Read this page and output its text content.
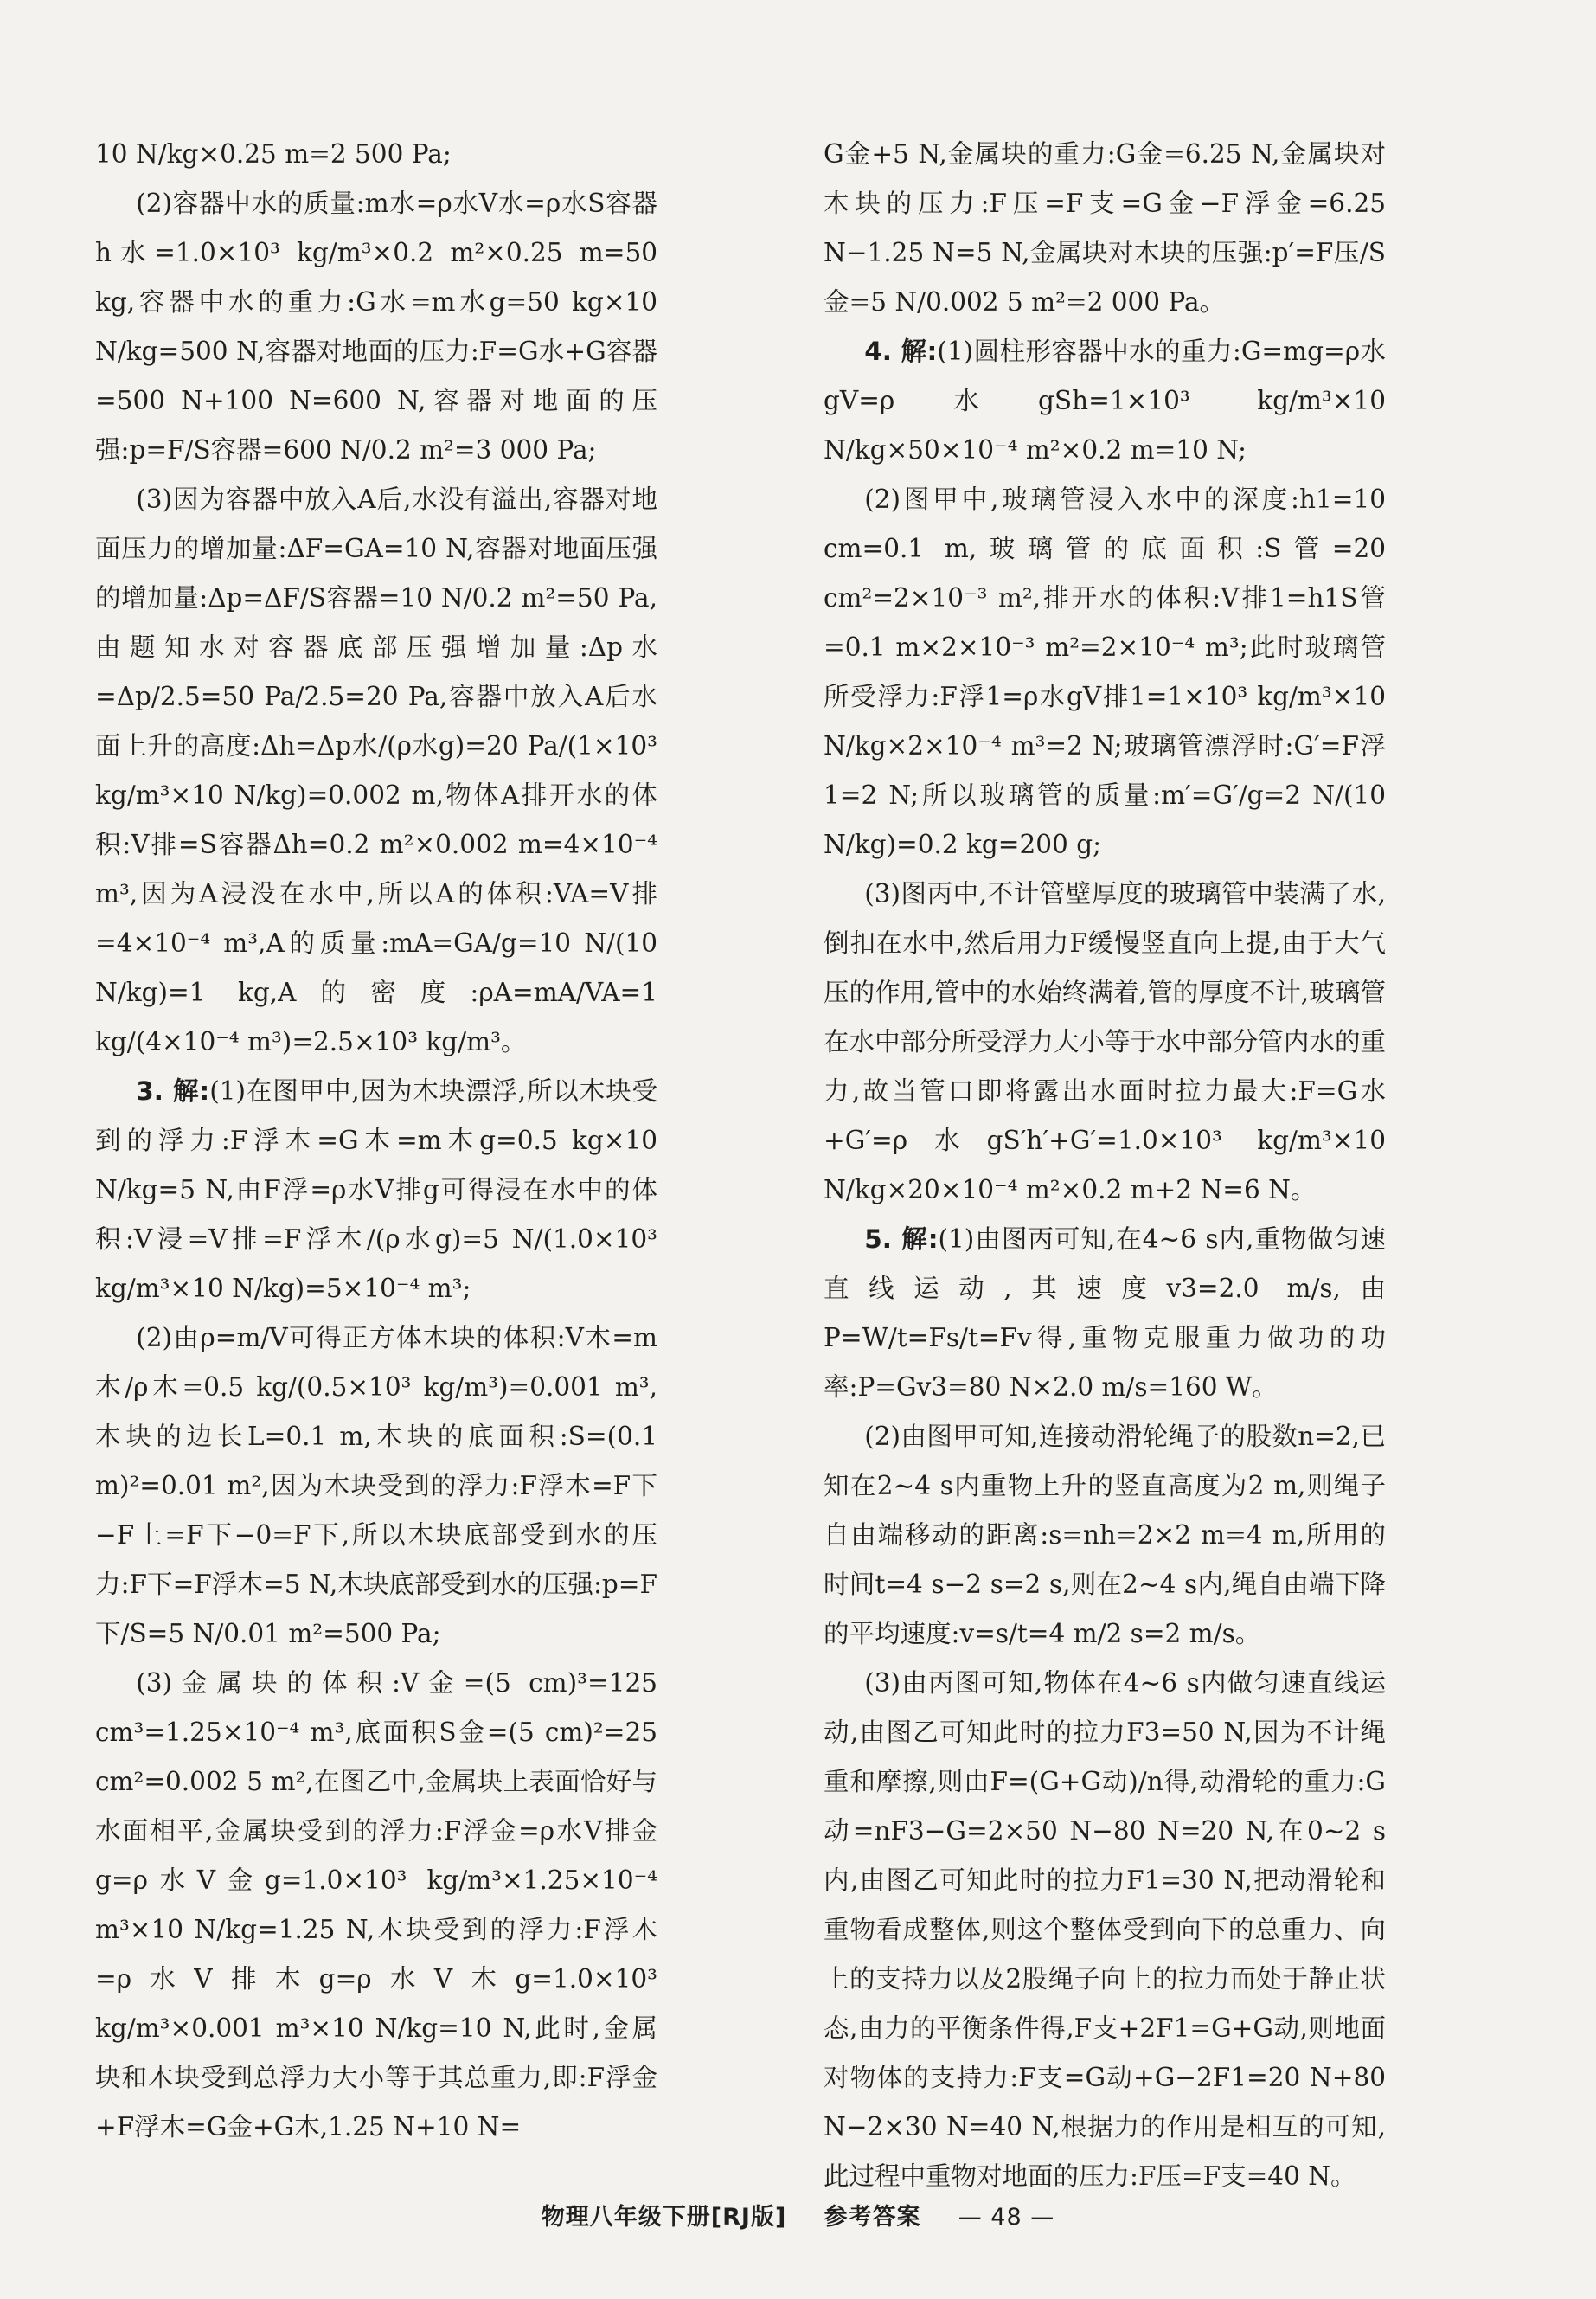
10 N/kg×0.25 m=2 500 Pa;

(2)容器中水的质量:m水=ρ水V水=ρ水S容器h水=1.0×10³ kg/m³×0.2 m²×0.25 m=50 kg,容器中水的重力:G水=m水g=50 kg×10 N/kg=500 N,容器对地面的压力:F=G水+G容器=500 N+100 N=600 N,容器对地面的压强:p=F/S容器=600 N/0.2 m²=3 000 Pa;

(3)因为容器中放入A后,水没有溢出,容器对地面压力的增加量:ΔF=GA=10 N,容器对地面压强的增加量:Δp=ΔF/S容器=10 N/0.2 m²=50 Pa,由题知水对容器底部压强增加量:Δp水=Δp/2.5=50 Pa/2.5=20 Pa,容器中放入A后水面上升的高度:Δh=Δp水/(ρ水g)=20 Pa/(1×10³ kg/m³×10 N/kg)=0.002 m,物体A排开水的体积:V排=S容器Δh=0.2 m²×0.002 m=4×10⁻⁴ m³,因为A浸没在水中,所以A的体积:VA=V排=4×10⁻⁴ m³,A的质量:mA=GA/g=10 N/(10 N/kg)=1 kg,A的密度:ρA=mA/VA=1 kg/(4×10⁻⁴ m³)=2.5×10³ kg/m³。

3. 解:(1)在图甲中,因为木块漂浮,所以木块受到的浮力:F浮木=G木=m木g=0.5 kg×10 N/kg=5 N,由F浮=ρ水V排g可得浸在水中的体积:V浸=V排=F浮木/(ρ水g)=5 N/(1.0×10³ kg/m³×10 N/kg)=5×10⁻⁴ m³;

(2)由ρ=m/V可得正方体木块的体积:V木=m木/ρ木=0.5 kg/(0.5×10³ kg/m³)=0.001 m³,木块的边长L=0.1 m,木块的底面积:S=(0.1 m)²=0.01 m²,因为木块受到的浮力:F浮木=F下−F上=F下−0=F下,所以木块底部受到水的压力:F下=F浮木=5 N,木块底部受到水的压强:p=F下/S=5 N/0.01 m²=500 Pa;

(3)金属块的体积:V金=(5 cm)³=125 cm³=1.25×10⁻⁴ m³,底面积S金=(5 cm)²=25 cm²=0.002 5 m²,在图乙中,金属块上表面恰好与水面相平,金属块受到的浮力:F浮金=ρ水V排金g=ρ水V金g=1.0×10³ kg/m³×1.25×10⁻⁴ m³×10 N/kg=1.25 N,木块受到的浮力:F浮木=ρ水V排木g=ρ水V木g=1.0×10³ kg/m³×0.001 m³×10 N/kg=10 N,此时,金属块和木块受到总浮力大小等于其总重力,即:F浮金+F浮木=G金+G木,1.25 N+10 N=

G金+5 N,金属块的重力:G金=6.25 N,金属块对木块的压力:F压=F支=G金−F浮金=6.25 N−1.25 N=5 N,金属块对木块的压强:p′=F压/S金=5 N/0.002 5 m²=2 000 Pa。

4. 解:(1)圆柱形容器中水的重力:G=mg=ρ水gV=ρ水gSh=1×10³ kg/m³×10 N/kg×50×10⁻⁴ m²×0.2 m=10 N;

(2)图甲中,玻璃管浸入水中的深度:h1=10 cm=0.1 m,玻璃管的底面积:S管=20 cm²=2×10⁻³ m²,排开水的体积:V排1=h1S管=0.1 m×2×10⁻³ m²=2×10⁻⁴ m³;此时玻璃管所受浮力:F浮1=ρ水gV排1=1×10³ kg/m³×10 N/kg×2×10⁻⁴ m³=2 N;玻璃管漂浮时:G′=F浮1=2 N;所以玻璃管的质量:m′=G′/g=2 N/(10 N/kg)=0.2 kg=200 g;

(3)图丙中,不计管壁厚度的玻璃管中装满了水,倒扣在水中,然后用力F缓慢竖直向上提,由于大气压的作用,管中的水始终满着,管的厚度不计,玻璃管在水中部分所受浮力大小等于水中部分管内水的重力,故当管口即将露出水面时拉力最大:F=G水+G′=ρ水gS′h′+G′=1.0×10³ kg/m³×10 N/kg×20×10⁻⁴ m²×0.2 m+2 N=6 N。

5. 解:(1)由图丙可知,在4~6 s内,重物做匀速直线运动,其速度v3=2.0 m/s,由P=W/t=Fs/t=Fv得,重物克服重力做功的功率:P=Gv3=80 N×2.0 m/s=160 W。

(2)由图甲可知,连接动滑轮绳子的股数n=2,已知在2~4 s内重物上升的竖直高度为2 m,则绳子自由端移动的距离:s=nh=2×2 m=4 m,所用的时间t=4 s−2 s=2 s,则在2~4 s内,绳自由端下降的平均速度:v=s/t=4 m/2 s=2 m/s。

(3)由丙图可知,物体在4~6 s内做匀速直线运动,由图乙可知此时的拉力F3=50 N,因为不计绳重和摩擦,则由F=(G+G动)/n得,动滑轮的重力:G动=nF3−G=2×50 N−80 N=20 N,在0~2 s内,由图乙可知此时的拉力F1=30 N,把动滑轮和重物看成整体,则这个整体受到向下的总重力、向上的支持力以及2股绳子向上的拉力而处于静止状态,由力的平衡条件得,F支+2F1=G+G动,则地面对物体的支持力:F支=G动+G−2F1=20 N+80 N−2×30 N=40 N,根据力的作用是相互的可知,此过程中重物对地面的压力:F压=F支=40 N。

物理八年级下册[RJ版] 参考答案 — 48 —
